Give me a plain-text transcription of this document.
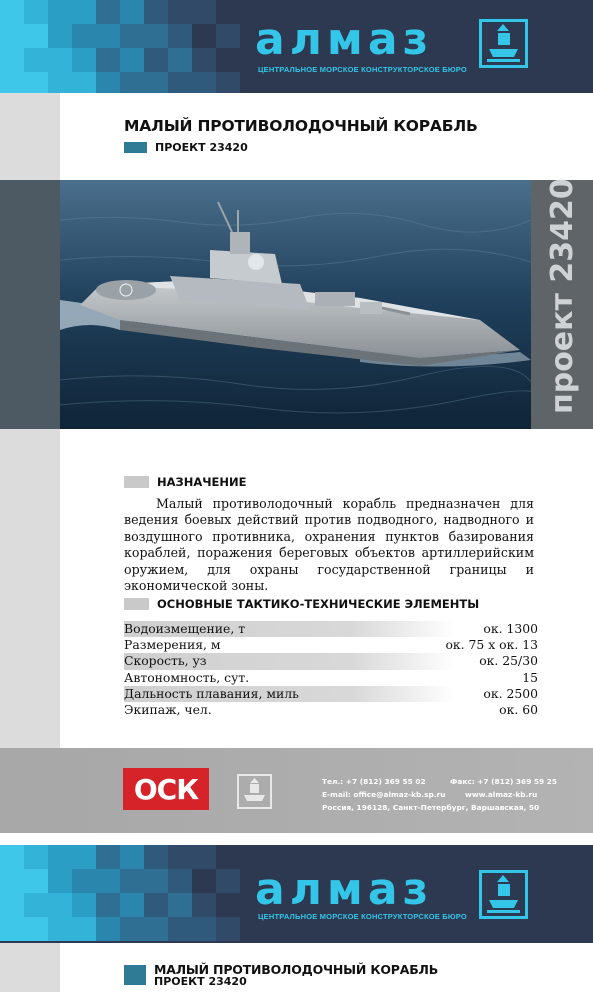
алмаз
ЦЕНТРАЛЬНОЕ МОРСКОЕ КОНСТРУКТОРСКОЕ БЮРО
МАЛЫЙ ПРОТИВОЛОДОЧНЫЙ КОРАБЛЬ
ПРОЕКТ 23420
проект 23420
НАЗНАЧЕНИЕ
Малый противолодочный корабль предназначен для ведения боевых действий против подводного, надводного и воздушного противника, охранения пунктов базирования кораблей, поражения береговых объектов артиллерийским оружием, для охраны государственной границы и экономической зоны.
ОСНОВНЫЕ ТАКТИКО-ТЕХНИЧЕСКИЕ ЭЛЕМЕНТЫ
Водоизмещение, т	ок. 1300
Размерения, м	ок. 75 х ок. 13
Скорость, уз	ок. 25/30
Автономность, сут.	15
Дальность плавания, миль	ок. 2500
Экипаж, чел.	ок. 60
ОСК	Тел.: +7 (812) 369 55 02	Факс: +7 (812) 369 59 25
E-mail: office@almaz-kb.sp.ru	www.almaz-kb.ru
Россия, 196128, Санкт-Петербург, Варшавская, 50
алмаз
ЦЕНТРАЛЬНОЕ МОРСКОЕ КОНСТРУКТОРСКОЕ БЮРО
МАЛЫЙ ПРОТИВОЛОДОЧНЫЙ КОРАБЛЬ
ПРОЕКТ 23420
